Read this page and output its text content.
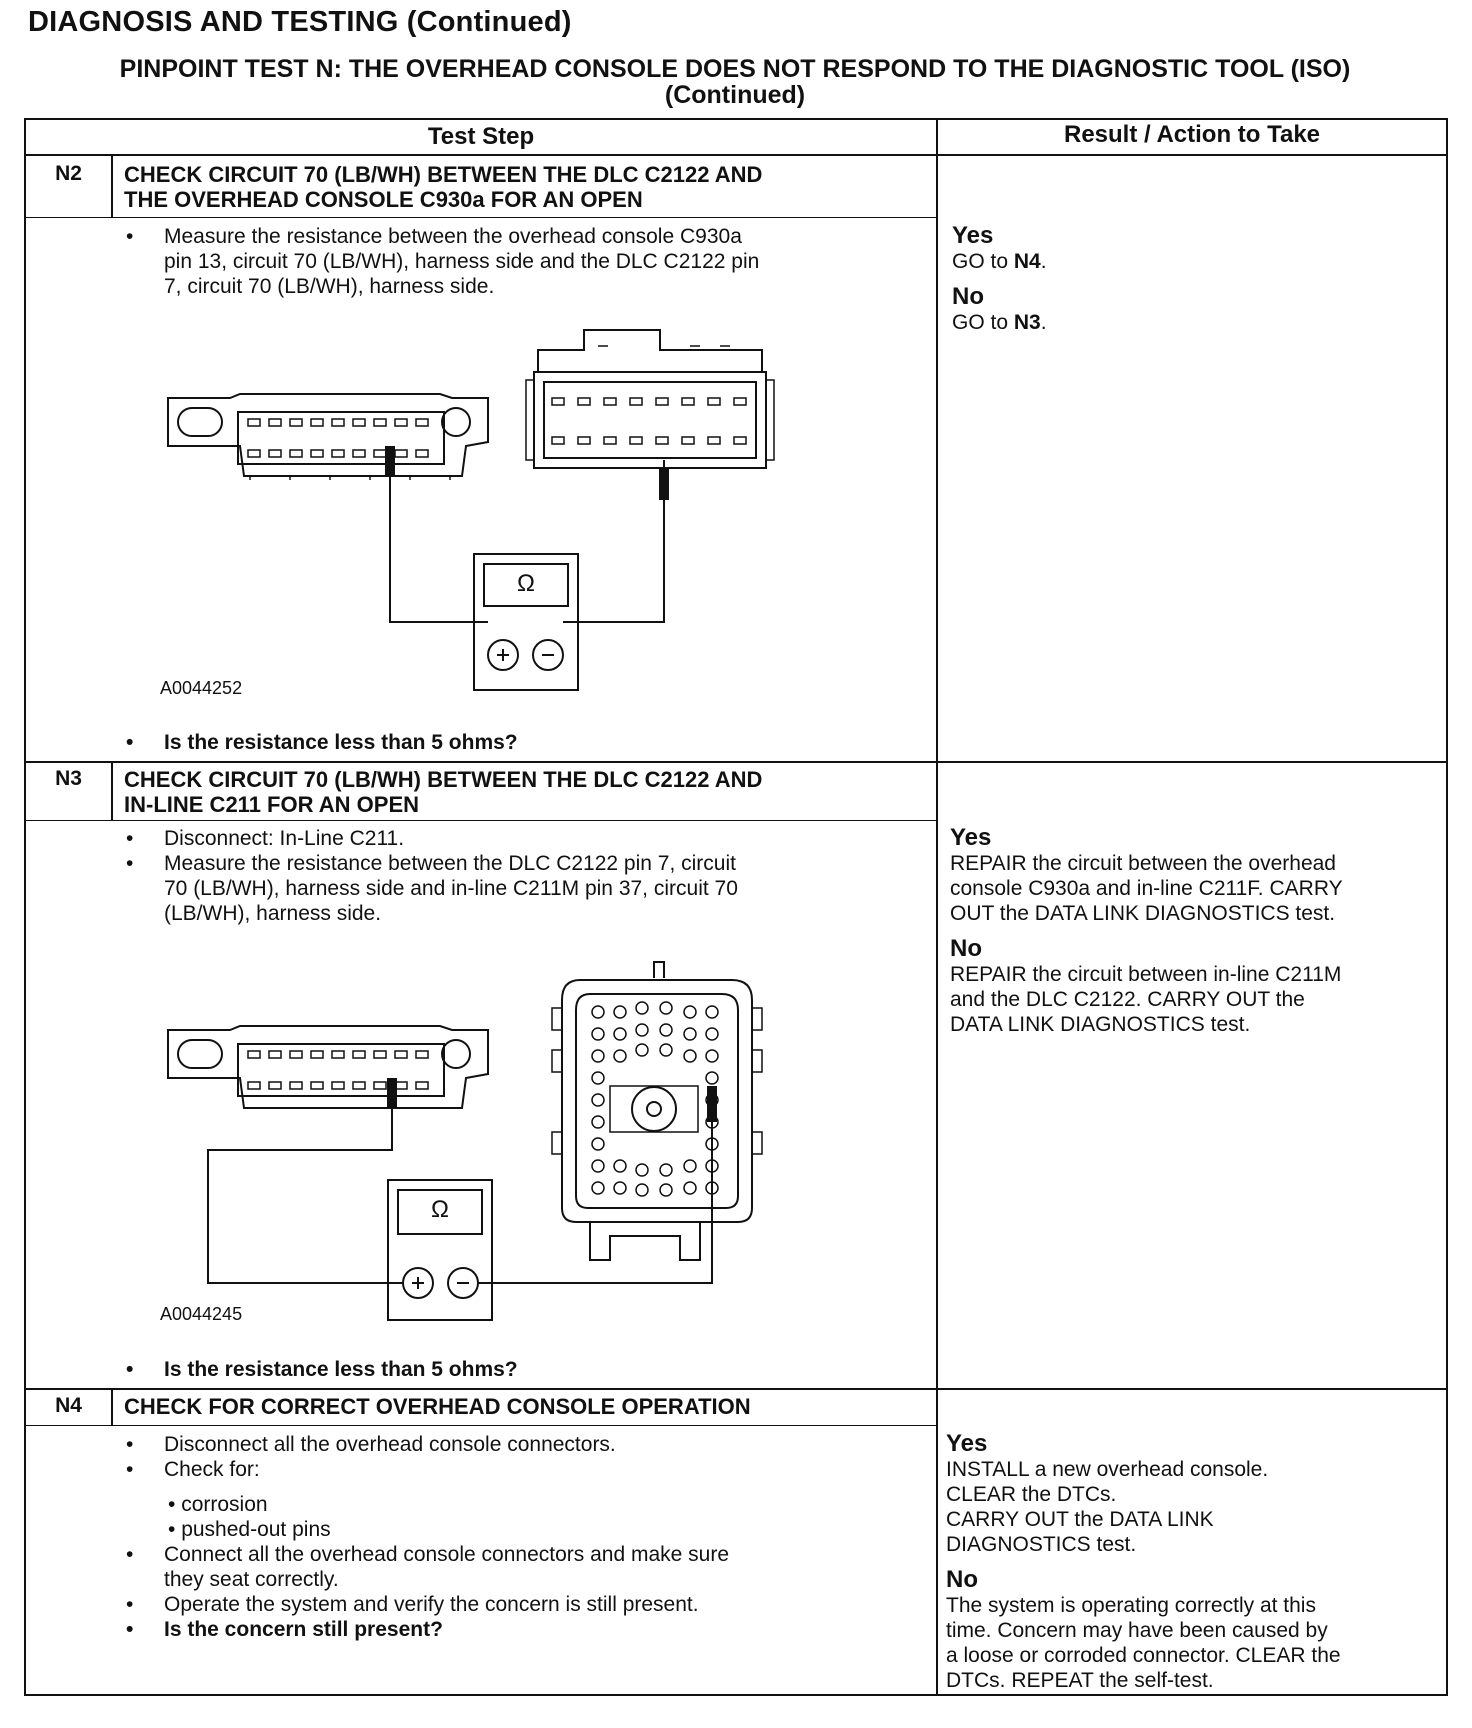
DIAGNOSIS AND TESTING (Continued)
PINPOINT TEST N: THE OVERHEAD CONSOLE DOES NOT RESPOND TO THE DIAGNOSTIC TOOL (ISO)
(Continued)
Test Step	Result / Action to Take
N2	CHECK CIRCUIT 70 (LB/WH) BETWEEN THE DLC C2122 AND
THE OVERHEAD CONSOLE C930a FOR AN OPEN
• Measure the resistance between the overhead console C930a
pin 13, circuit 70 (LB/WH), harness side and the DLC C2122 pin
7, circuit 70 (LB/WH), harness side.
Ω
A0044252
• Is the resistance less than 5 ohms?
Yes
GO to N4.
No
GO to N3.
N3	CHECK CIRCUIT 70 (LB/WH) BETWEEN THE DLC C2122 AND
IN-LINE C211 FOR AN OPEN
• Disconnect: In-Line C211.
• Measure the resistance between the DLC C2122 pin 7, circuit
70 (LB/WH), harness side and in-line C211M pin 37, circuit 70
(LB/WH), harness side.
Ω
A0044245
• Is the resistance less than 5 ohms?
Yes
REPAIR the circuit between the overhead
console C930a and in-line C211F. CARRY
OUT the DATA LINK DIAGNOSTICS test.
No
REPAIR the circuit between in-line C211M
and the DLC C2122. CARRY OUT the
DATA LINK DIAGNOSTICS test.
N4	CHECK FOR CORRECT OVERHEAD CONSOLE OPERATION
• Disconnect all the overhead console connectors.
• Check for:
• corrosion
• pushed-out pins
• Connect all the overhead console connectors and make sure
they seat correctly.
• Operate the system and verify the concern is still present.
• Is the concern still present?
Yes
INSTALL a new overhead console.
CLEAR the DTCs.
CARRY OUT the DATA LINK
DIAGNOSTICS test.
No
The system is operating correctly at this
time. Concern may have been caused by
a loose or corroded connector. CLEAR the
DTCs. REPEAT the self-test.
